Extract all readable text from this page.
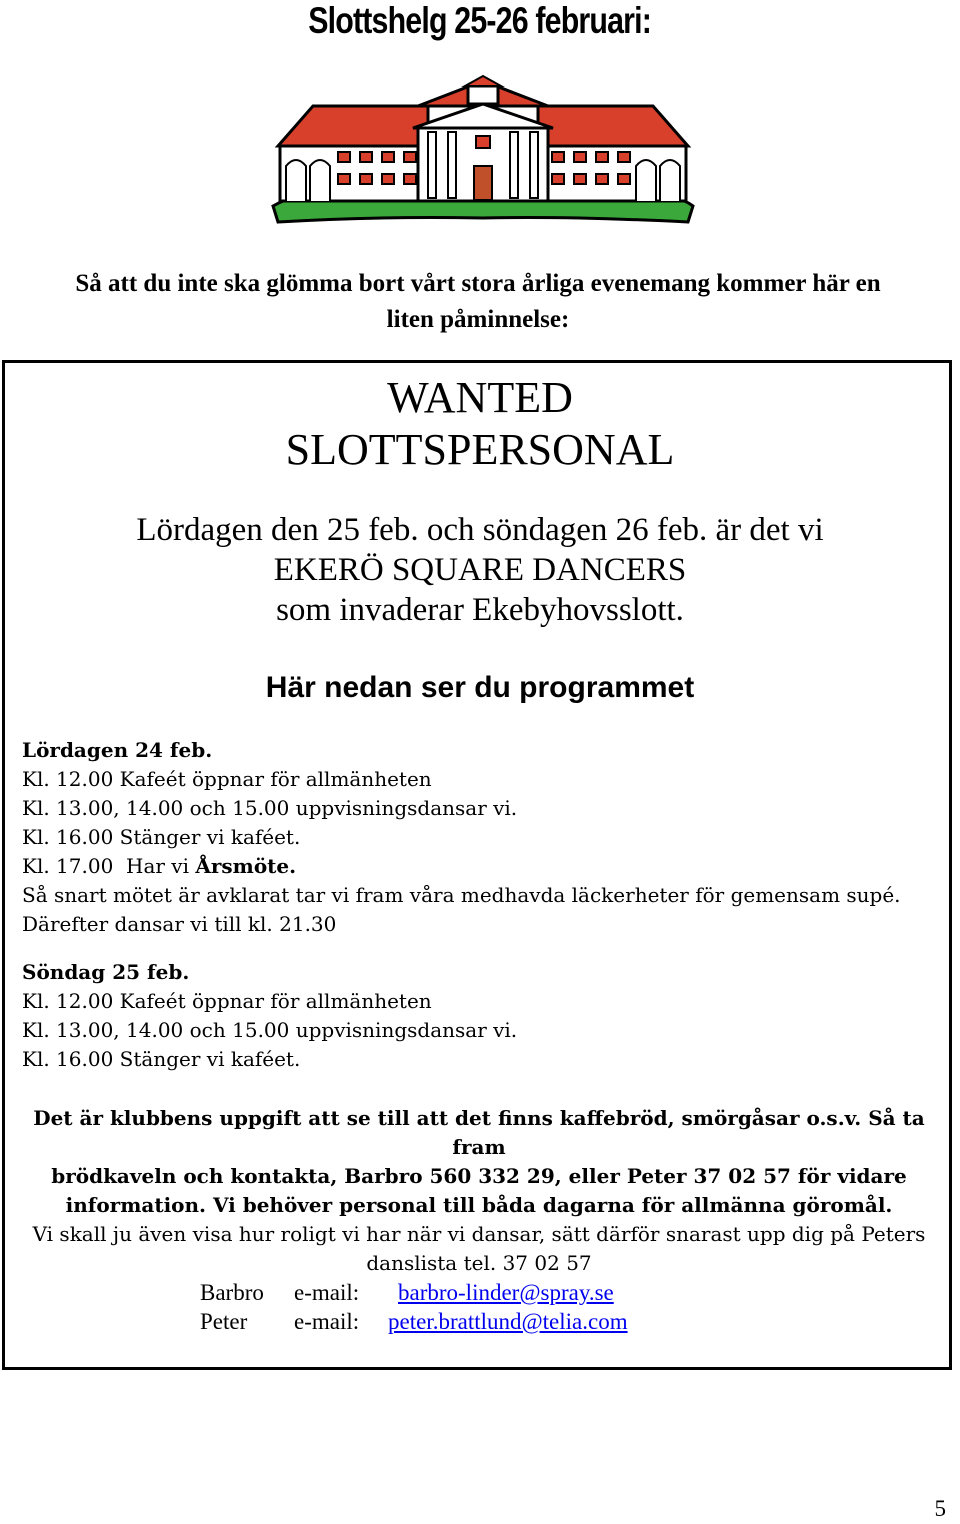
Slottshelg 25-26 februari:
Så att du inte ska glömma bort vårt stora årliga evenemang kommer här en
liten påminnelse:
WANTED
SLOTTSPERSONAL
Lördagen den 25 feb. och söndagen 26 feb. är det vi
EKERÖ SQUARE DANCERS
som invaderar Ekebyhovsslott.
Här nedan ser du programmet
Lördagen 24 feb.
Kl. 12.00 Kafeét öppnar för allmänheten
Kl. 13.00, 14.00 och 15.00 uppvisningsdansar vi.
Kl. 16.00 Stänger vi kaféet.
Kl. 17.00  Har vi Årsmöte.
Så snart mötet är avklarat tar vi fram våra medhavda läckerheter för gemensam supé.
Därefter dansar vi till kl. 21.30
Söndag 25 feb.
Kl. 12.00 Kafeét öppnar för allmänheten
Kl. 13.00, 14.00 och 15.00 uppvisningsdansar vi.
Kl. 16.00 Stänger vi kaféet.
Det är klubbens uppgift att se till att det finns kaffebröd, smörgåsar o.s.v. Så ta fram
brödkaveln och kontakta, Barbro 560 332 29, eller Peter 37 02 57 för vidare
information. Vi behöver personal till båda dagarna för allmänna göromål.
Vi skall ju även visa hur roligt vi har när vi dansar, sätt därför snarast upp dig på Peters
danslista tel. 37 02 57
Barbro e-mail: barbro-linder@spray.se
Peter e-mail: peter.brattlund@telia.com
5
